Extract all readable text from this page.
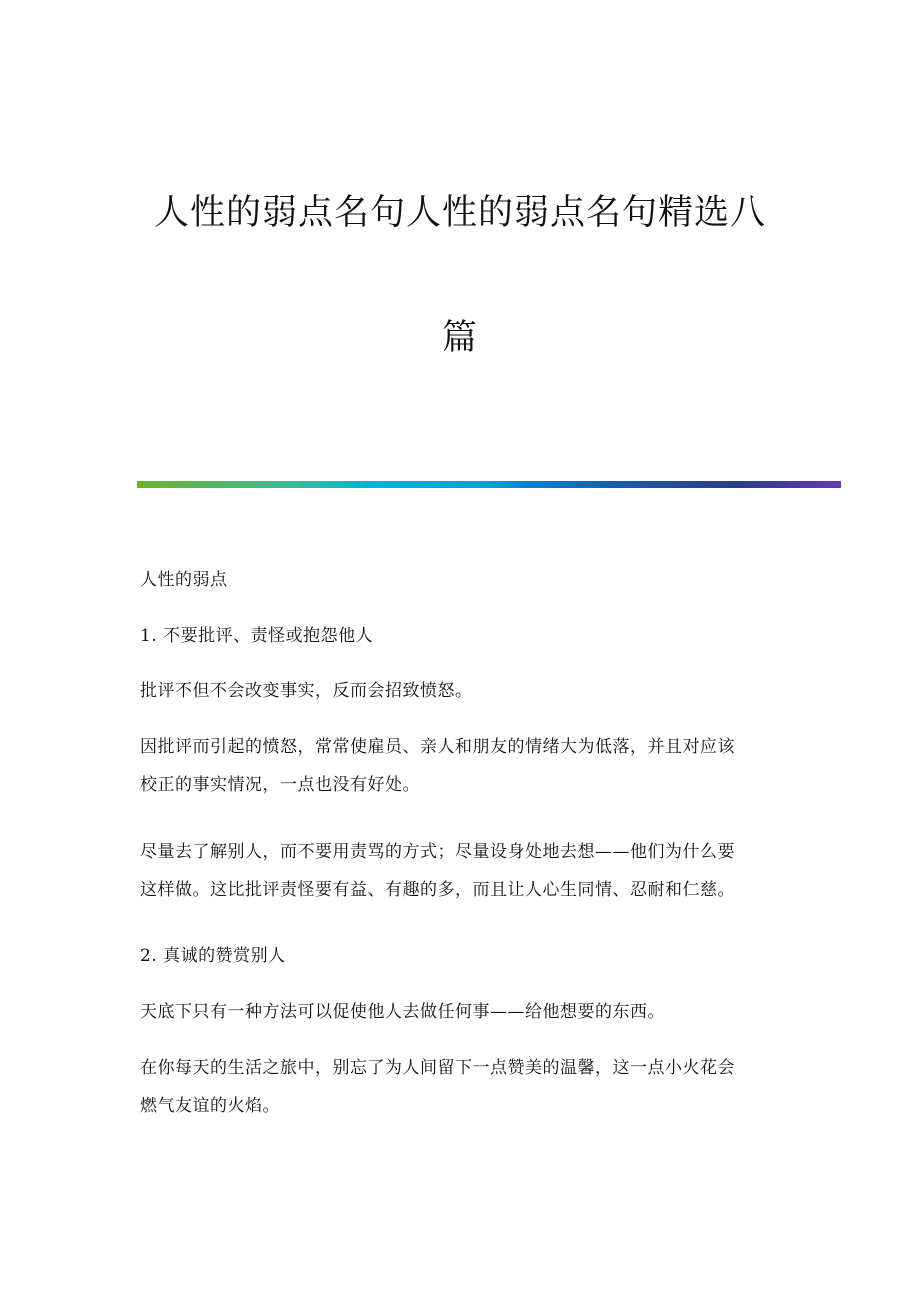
人性的弱点名句人性的弱点名句精选八
篇
人性的弱点
1. 不要批评、责怪或抱怨他人
批评不但不会改变事实，反而会招致愤怒。
因批评而引起的愤怒，常常使雇员、亲人和朋友的情绪大为低落，并且对应该
校正的事实情况，一点也没有好处。
尽量去了解别人，而不要用责骂的方式；尽量设身处地去想——他们为什么要
这样做。这比批评责怪要有益、有趣的多，而且让人心生同情、忍耐和仁慈。
2. 真诚的赞赏别人
天底下只有一种方法可以促使他人去做任何事——给他想要的东西。
在你每天的生活之旅中，别忘了为人间留下一点赞美的温馨，这一点小火花会
燃气友谊的火焰。
